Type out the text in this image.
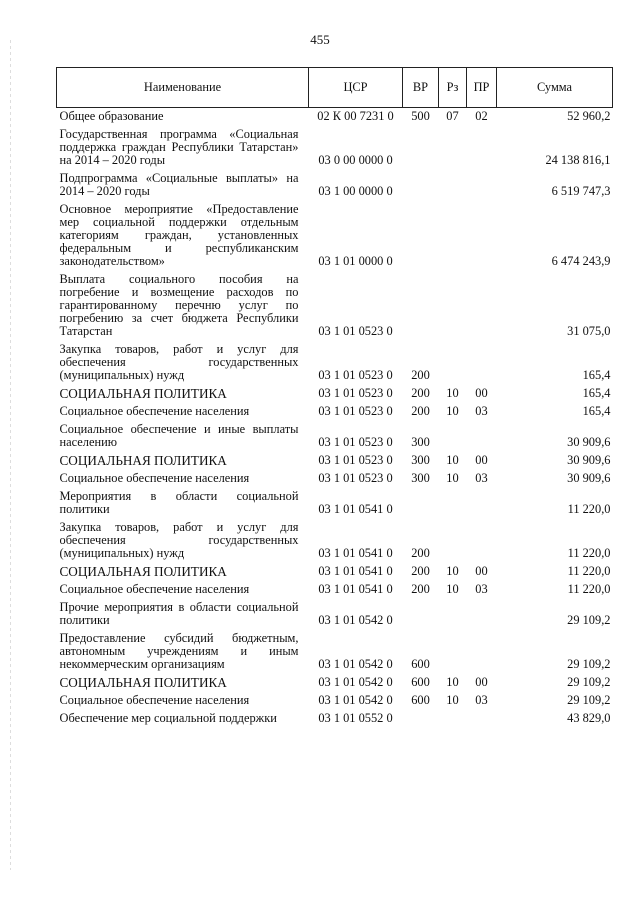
455
Наименование	ЦСР	ВР	Рз	ПР	Сумма
Общее образование	02 К 00 7231 0	500	07	02	52 960,2
Государственная программа «Социальная поддержка граждан Республики Татарстан» на 2014 – 2020 годы	03 0 00 0000 0				24 138 816,1
Подпрограмма «Социальные выплаты» на 2014 – 2020 годы	03 1 00 0000 0				6 519 747,3
Основное мероприятие «Предоставление мер социальной поддержки отдельным категориям граждан, установленных федеральным и республиканским законодательством»	03 1 01 0000 0				6 474 243,9
Выплата социального пособия на погребение и возмещение расходов по гарантированному перечню услуг по погребению за счет бюджета Республики Татарстан	03 1 01 0523 0				31 075,0
Закупка товаров, работ и услуг для обеспечения государственных (муниципальных) нужд	03 1 01 0523 0	200			165,4
СОЦИАЛЬНАЯ ПОЛИТИКА	03 1 01 0523 0	200	10	00	165,4
Социальное обеспечение населения	03 1 01 0523 0	200	10	03	165,4
Социальное обеспечение и иные выплаты населению	03 1 01 0523 0	300			30 909,6
СОЦИАЛЬНАЯ ПОЛИТИКА	03 1 01 0523 0	300	10	00	30 909,6
Социальное обеспечение населения	03 1 01 0523 0	300	10	03	30 909,6
Мероприятия в области социальной политики	03 1 01 0541 0				11 220,0
Закупка товаров, работ и услуг для обеспечения государственных (муниципальных) нужд	03 1 01 0541 0	200			11 220,0
СОЦИАЛЬНАЯ ПОЛИТИКА	03 1 01 0541 0	200	10	00	11 220,0
Социальное обеспечение населения	03 1 01 0541 0	200	10	03	11 220,0
Прочие мероприятия в области социальной политики	03 1 01 0542 0				29 109,2
Предоставление субсидий бюджетным, автономным учреждениям и иным некоммерческим организациям	03 1 01 0542 0	600			29 109,2
СОЦИАЛЬНАЯ ПОЛИТИКА	03 1 01 0542 0	600	10	00	29 109,2
Социальное обеспечение населения	03 1 01 0542 0	600	10	03	29 109,2
Обеспечение мер социальной поддержки	03 1 01 0552 0				43 829,0
